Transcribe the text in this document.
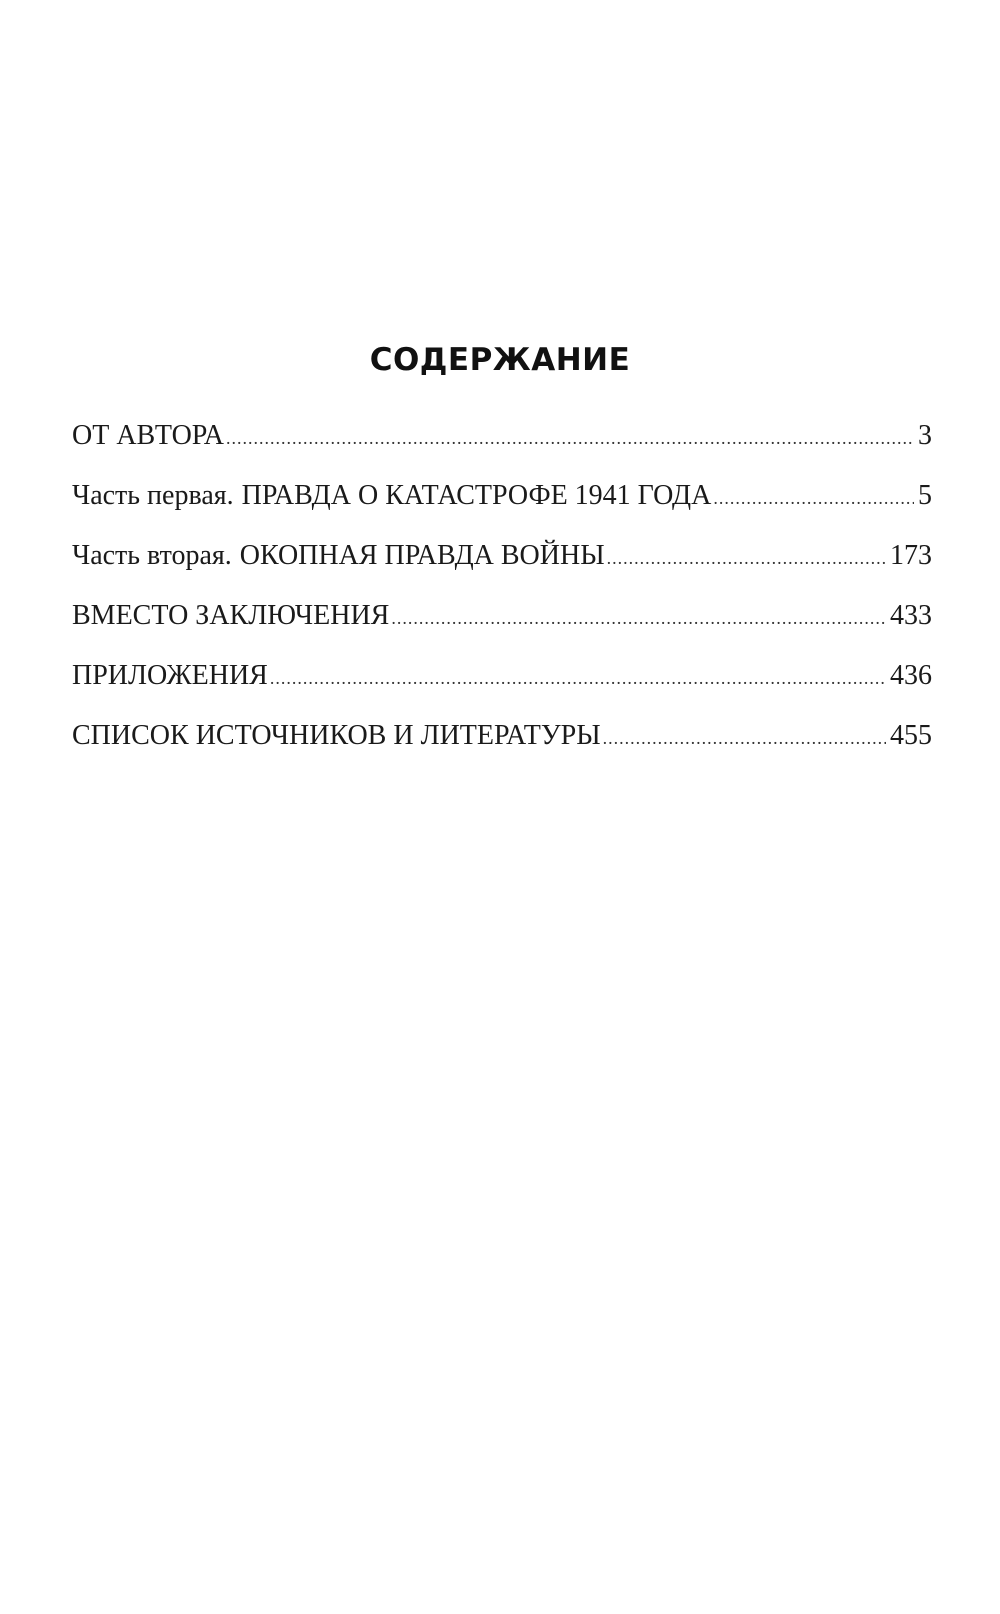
СОДЕРЖАНИЕ
ОТ АВТОРА .....	3
Часть первая. ПРАВДА О КАТАСТРОФЕ 1941 ГОДА .....	5
Часть вторая. ОКОПНАЯ ПРАВДА ВОЙНЫ .....	173
ВМЕСТО ЗАКЛЮЧЕНИЯ .....	433
ПРИЛОЖЕНИЯ .....	436
СПИСОК ИСТОЧНИКОВ И ЛИТЕРАТУРЫ .....	455
